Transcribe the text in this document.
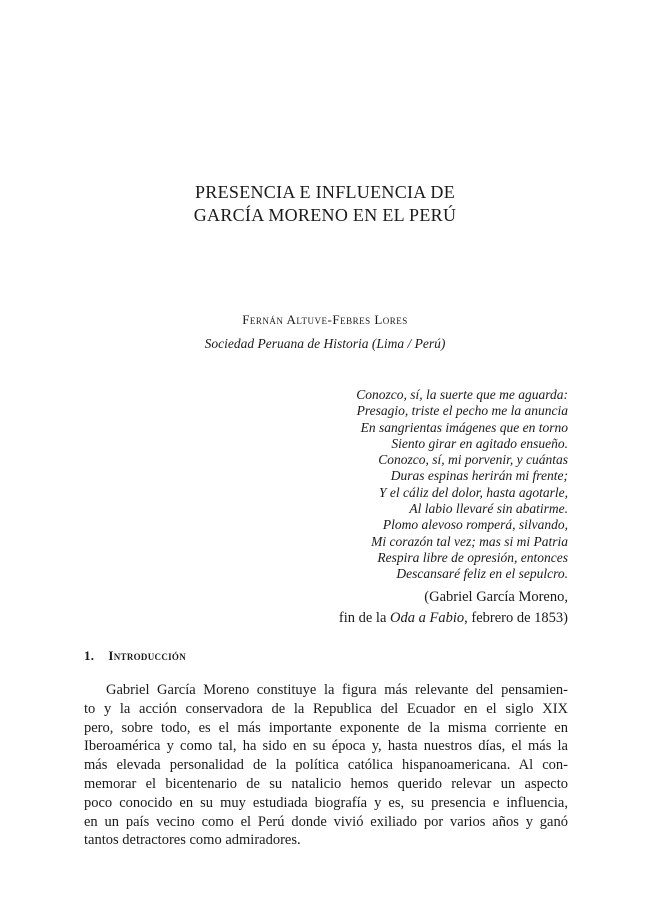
PRESENCIA E INFLUENCIA DE
GARCÍA MORENO EN EL PERÚ
Fernán Altuve-Febres Lores
Sociedad Peruana de Historia (Lima / Perú)
Conozco, sí, la suerte que me aguarda:
Presagio, triste el pecho me la anuncia
En sangrientas imágenes que en torno
Siento girar en agitado ensueño.
Conozco, sí, mi porvenir, y cuántas
Duras espinas herirán mi frente;
Y el cáliz del dolor, hasta agotarle,
Al labio llevaré sin abatirme.
Plomo alevoso romperá, silvando,
Mi corazón tal vez; mas si mi Patria
Respira libre de opresión, entonces
Descansaré feliz en el sepulcro.
(Gabriel García Moreno,
fin de la Oda a Fabio, febrero de 1853)
1. Introducción
Gabriel García Moreno constituye la figura más relevante del pensamien-
to y la acción conservadora de la Republica del Ecuador en el siglo XIX
pero, sobre todo, es el más importante exponente de la misma corriente en
Iberoamérica y como tal, ha sido en su época y, hasta nuestros días, el más la
más elevada personalidad de la política católica hispanoamericana. Al con-
memorar el bicentenario de su natalicio hemos querido relevar un aspecto
poco conocido en su muy estudiada biografía y es, su presencia e influencia,
en un país vecino como el Perú donde vivió exiliado por varios años y ganó
tantos detractores como admiradores.
